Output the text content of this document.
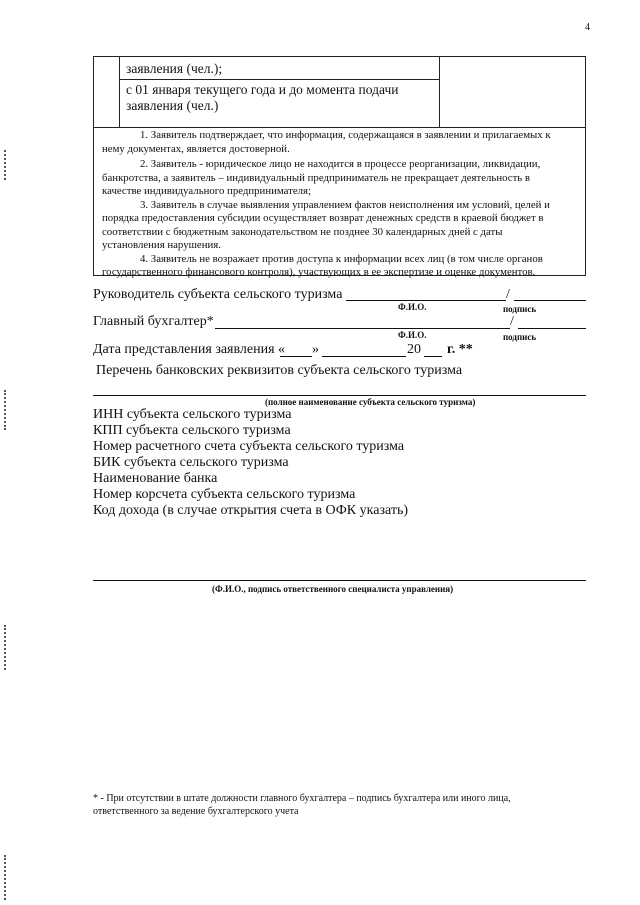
4
заявления (чел.);
с 01 января текущего года и до момента подачи
заявления (чел.)

1. Заявитель подтверждает, что информация, содержащаяся в заявлении и прилагаемых к

нему документах, является достоверной.

2. Заявитель - юридическое лицо не находится в процессе реорганизации, ликвидации,

банкротства, а заявитель – индивидуальный предприниматель не прекращает деятельность в

качестве индивидуального предпринимателя;

3. Заявитель в случае выявления управлением фактов неисполнения им условий, целей и

порядка предоставления субсидии осуществляет возврат денежных средств в краевой бюджет в

соответствии с бюджетным законодательством не позднее 30 календарных дней с даты

установления нарушения.

4. Заявитель не возражает против доступа к информации всех лиц (в том числе органов

государственного финансового контроля), участвующих в ее экспертизе и оценке документов.

Руководитель субъекта сельского туризма	/
Ф.И.О.	подпись
Главный бухгалтер*	/
Ф.И.О.	подпись
Дата представления заявления « »	20 г. **
Перечень банковских реквизитов субъекта сельского туризма
(полное наименование субъекта сельского туризма)
ИНН субъекта сельского туризма
КПП субъекта сельского туризма
Номер расчетного счета субъекта сельского туризма
БИК субъекта сельского туризма
Наименование банка
Номер корсчета субъекта сельского туризма
Код дохода (в случае открытия счета в ОФК указать)
(Ф.И.О., подпись ответственного специалиста управления)
* - При отсутствии в штате должности главного бухгалтера – подпись бухгалтера или иного лица,
ответственного за ведение бухгалтерского учета
